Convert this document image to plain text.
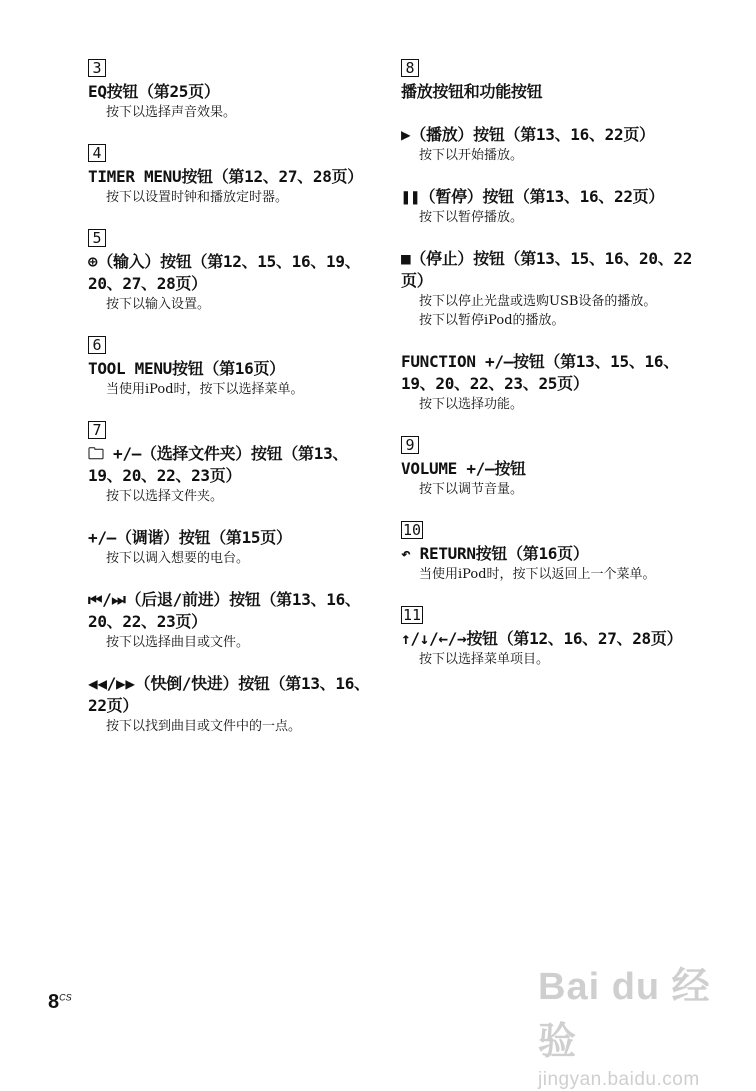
3
EQ按钮（第25页）
按下以选择声音效果。
4
TIMER MENU按钮（第12、27、28页）
按下以设置时钟和播放定时器。
5
⊕（输入）按钮（第12、15、16、19、20、27、28页）
按下以输入设置。
6
TOOL MENU按钮（第16页）
当使用iPod时，按下以选择菜单。
7
🗀 +/–（选择文件夹）按钮（第13、19、20、22、23页）
按下以选择文件夹。
+/–（调谐）按钮（第15页）
按下以调入想要的电台。
⏮/⏭（后退/前进）按钮（第13、16、20、22、23页）
按下以选择曲目或文件。
◀◀/▶▶（快倒/快进）按钮（第13、16、22页）
按下以找到曲目或文件中的一点。
8
播放按钮和功能按钮
▶（播放）按钮（第13、16、22页）
按下以开始播放。
❚❚（暂停）按钮（第13、16、22页）
按下以暂停播放。
■（停止）按钮（第13、15、16、20、22页）
按下以停止光盘或选购USB设备的播放。
按下以暂停iPod的播放。
FUNCTION +/–按钮（第13、15、16、19、20、22、23、25页）
按下以选择功能。
9
VOLUME +/–按钮
按下以调节音量。
10
↶ RETURN按钮（第16页）
当使用iPod时，按下以返回上一个菜单。
11
↑/↓/←/→按钮（第12、16、27、28页）
按下以选择菜单项目。
$8^{CS}$	Bai du 经验
jingyan.baidu.com
